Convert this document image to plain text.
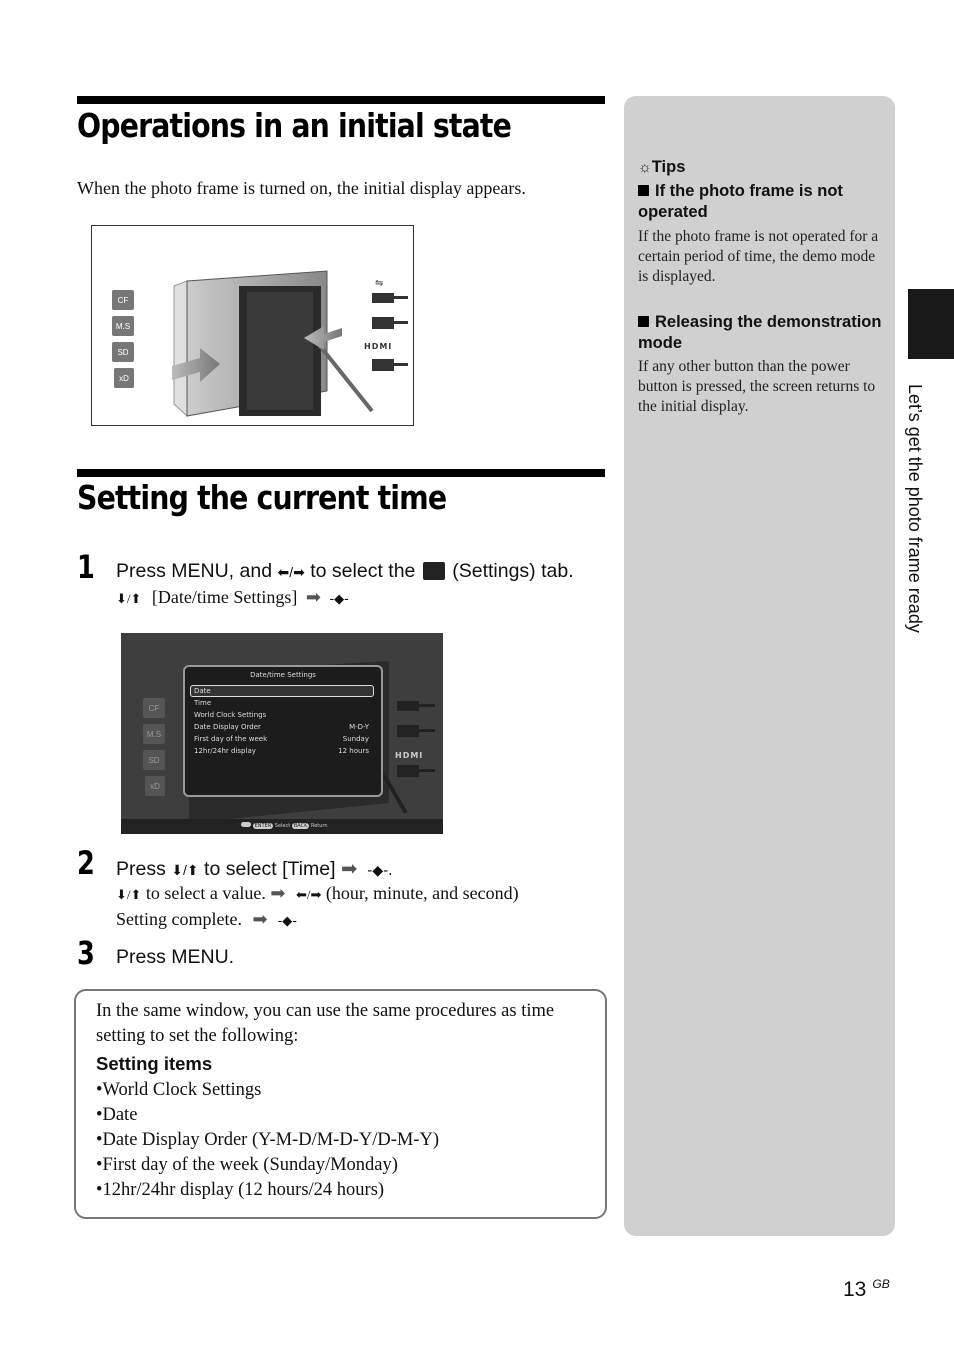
Operations in an initial state
When the photo frame is turned on, the initial display appears.
CF
M.S
SD
xD
⇋
HDMI
Setting the current time
1 Press MENU, and ⬅/➡ to select the  (Settings) tab.
⬇/⬆ [Date/time Settings] ➡ -◆-
CF
M.S
SD
xD
HDMI
Date/time Settings
Date
Time
World Clock Settings
Date Display Order	M-D-Y
First day of the week	Sunday
12hr/24hr display	12 hours
ENTER Select BACK Return
2 Press ⬇/⬆ to select [Time] ➡ -◆-.
⬇/⬆ to select a value. ➡ ⬅/➡ (hour, minute, and second)
Setting complete. ➡ -◆-
3 Press MENU.
In the same window, you can use the same procedures as time setting to set the following:
Setting items
•World Clock Settings
•Date
•Date Display Order (Y-M-D/M-D-Y/D-M-Y)
•First day of the week (Sunday/Monday)
•12hr/24hr display (12 hours/24 hours)
☼Tips
If the photo frame is not operated
If the photo frame is not operated for a certain period of time, the demo mode is displayed.
Releasing the demonstration mode
If any other button than the power button is pressed, the screen returns to the initial display.	Let’s get the photo frame ready
13 $^{GB}$
